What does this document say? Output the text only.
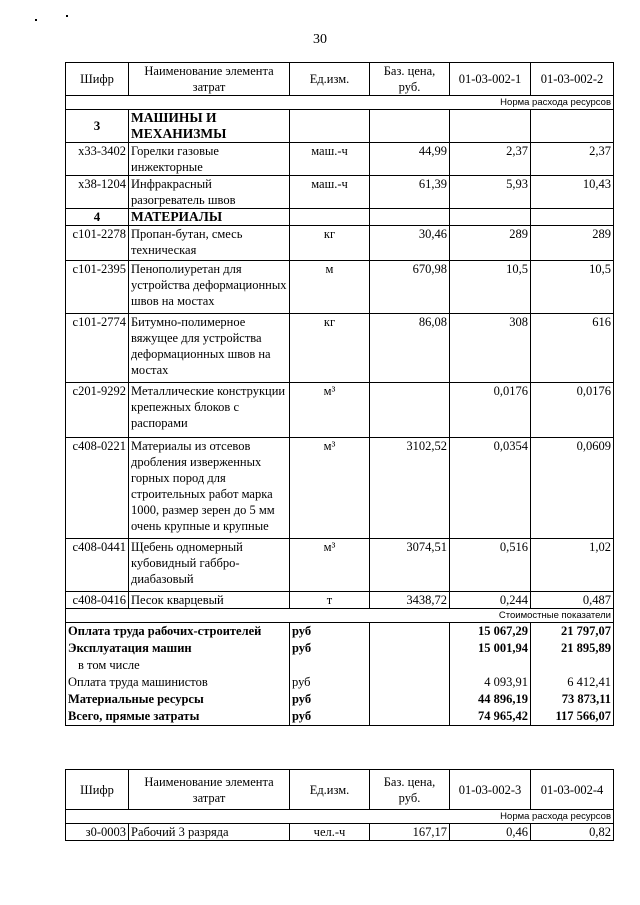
30
Шифр	Наименование элемента затрат	Ед.изм.	Баз. цена, руб.	01-03-002-1	01-03-002-2
Норма расхода ресурсов					
3	МАШИНЫ И МЕХАНИЗМЫ				
х33-3402	Горелки газовые инжекторные	маш.-ч	44,99	2,37	2,37
х38-1204	Инфракрасный разогреватель швов	маш.-ч	61,39	5,93	10,43
4	МАТЕРИАЛЫ				
с101-2278	Пропан-бутан, смесь техническая	кг	30,46	289	289
с101-2395	Пенополиуретан для устройства деформационных швов на мостах	м	670,98	10,5	10,5
с101-2774	Битумно-полимерное вяжущее для устройства деформационных швов на мостах	кг	86,08	308	616
с201-9292	Металлические конструкции крепежных блоков с распорами	м³		0,0176	0,0176
с408-0221	Материалы из отсевов дробления изверженных горных пород для строительных работ марка 1000, размер зерен до 5 мм очень крупные и крупные	м³	3102,52	0,0354	0,0609
с408-0441	Щебень одномерный кубовидный габбро-диабазовый	м³	3074,51	0,516	1,02
с408-0416	Песок кварцевый	т	3438,72	0,244	0,487
Стоимостные показатели					
Оплата труда рабочих-строителей		руб		15 067,29	21 797,07
Эксплуатация машин		руб		15 001,94	21 895,89
в том числе					
Оплата труда машинистов		руб		4 093,91	6 412,41
Материальные ресурсы		руб		44 896,19	73 873,11
Всего, прямые затраты		руб		74 965,42	117 566,07
Шифр	Наименование элемента затрат	Ед.изм.	Баз. цена, руб.	01-03-002-3	01-03-002-4
Норма расхода ресурсов					
з0-0003	Рабочий 3 разряда	чел.-ч	167,17	0,46	0,82
